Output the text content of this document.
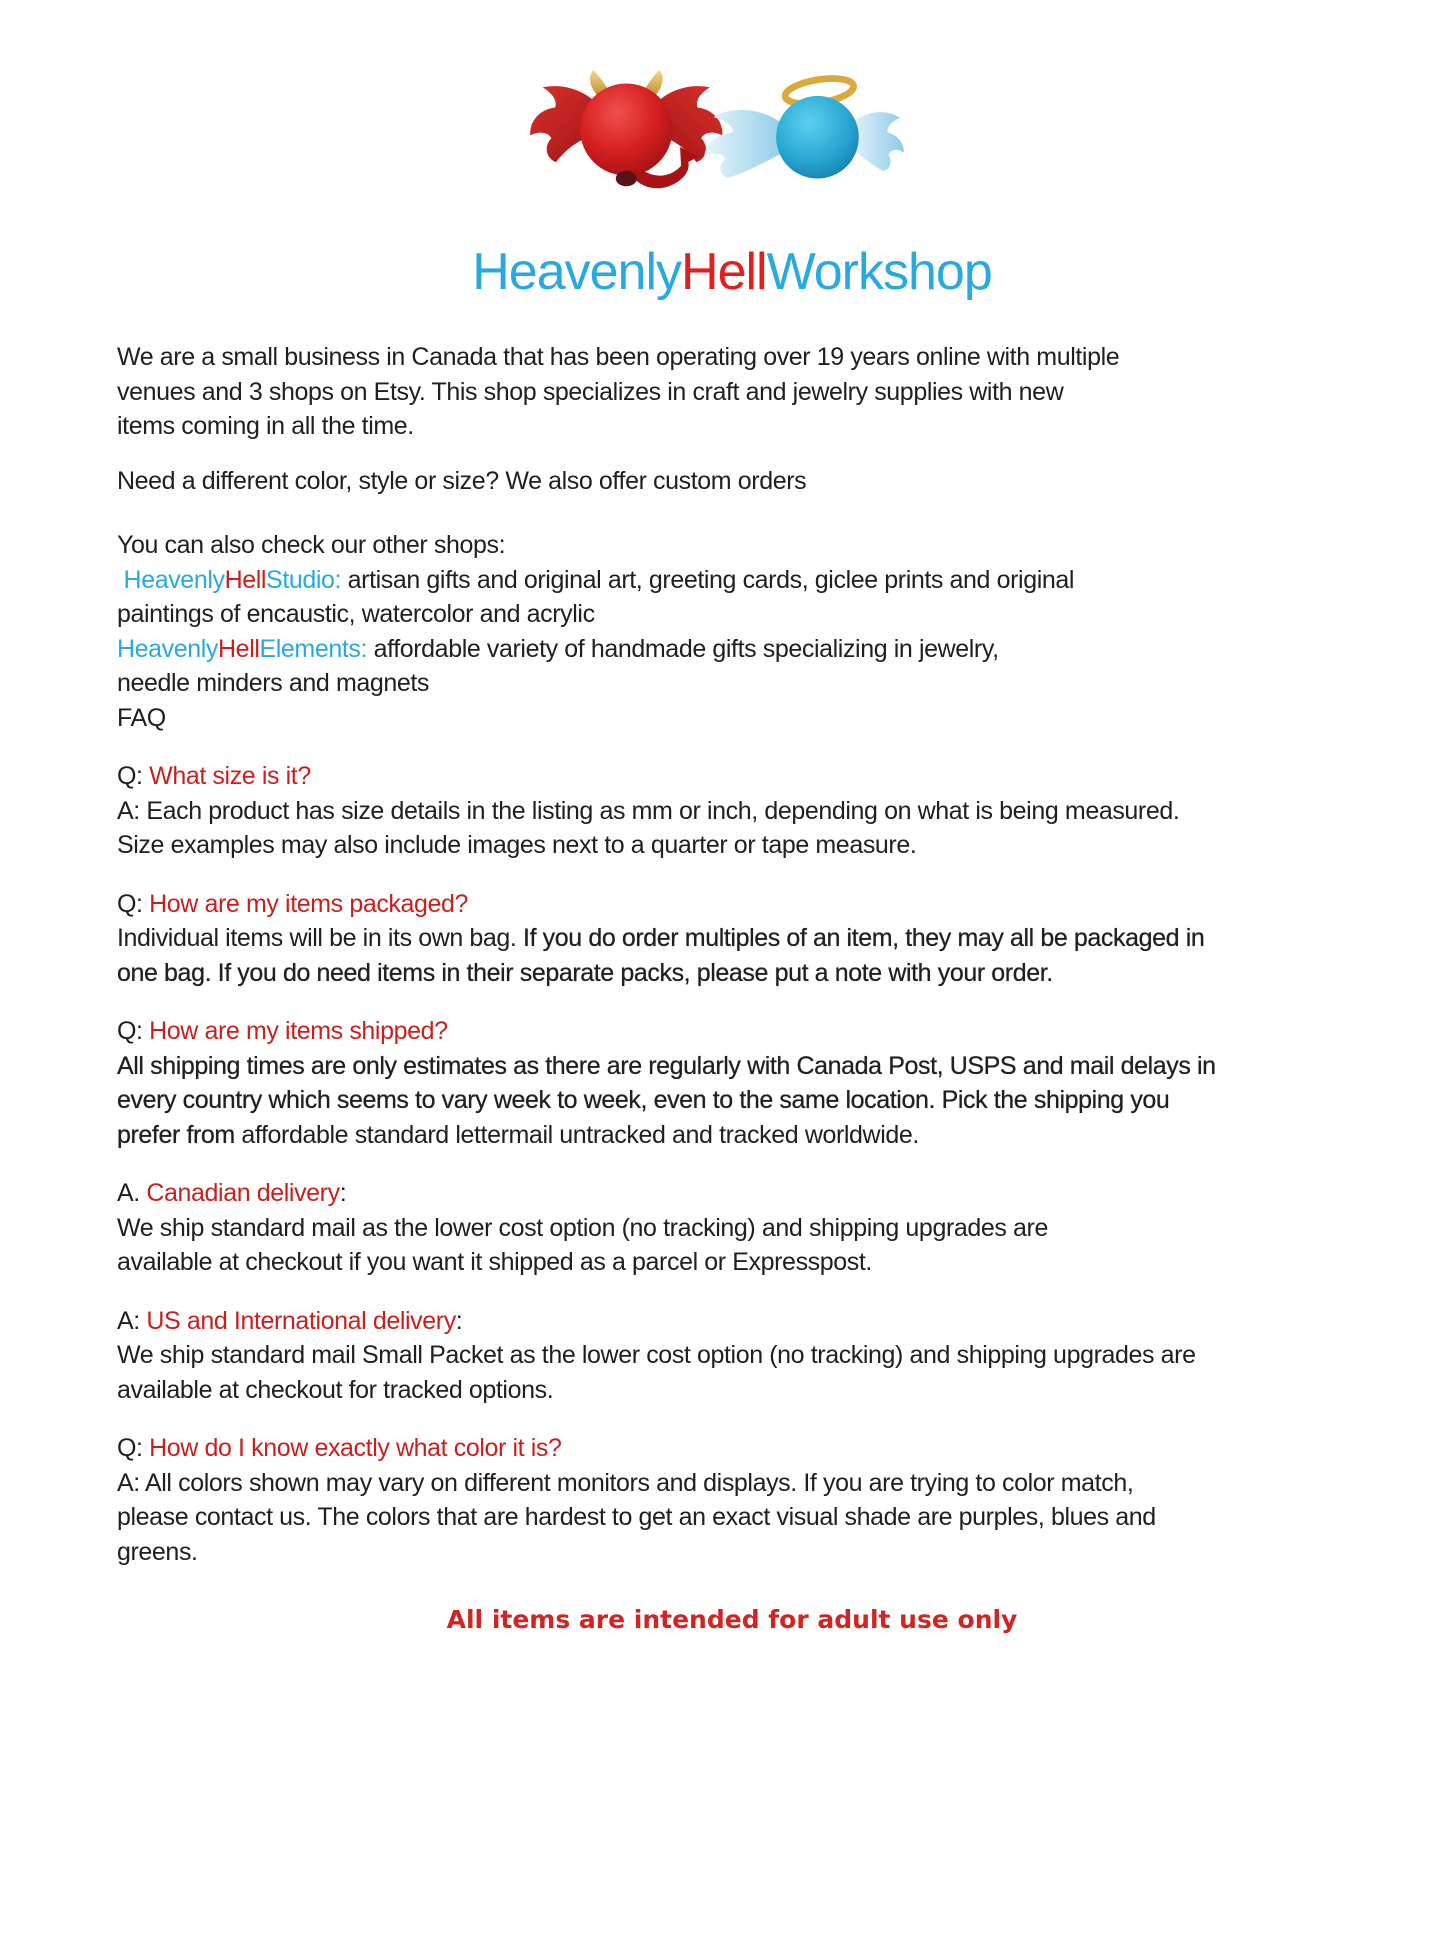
HeavenlyHellWorkshop

We are a small business in Canada that has been operating over 19 years online with multiple
venues and 3 shops on Etsy. This shop specializes in craft and jewelry supplies with new
items coming in all the time.

Need a different color, style or size? We also offer custom orders

You can also check our other shops:
HeavenlyHellStudio: artisan gifts and original art, greeting cards, giclee prints and original
paintings of encaustic, watercolor and acrylic
HeavenlyHellElements: affordable variety of handmade gifts specializing in jewelry,
needle minders and magnets
FAQ

Q: What size is it?
A: Each product has size details in the listing as mm or inch, depending on what is being measured.
Size examples may also include images next to a quarter or tape measure.

Q: How are my items packaged?
Individual items will be in its own bag. If you do order multiples of an item, they may all be packaged in
one bag. If you do need items in their separate packs, please put a note with your order.

Q: How are my items shipped?
All shipping times are only estimates as there are regularly with Canada Post, USPS and mail delays in
every country which seems to vary week to week, even to the same location. Pick the shipping you
prefer from affordable standard lettermail untracked and tracked worldwide.

A. Canadian delivery:
We ship standard mail as the lower cost option (no tracking) and shipping upgrades are
available at checkout if you want it shipped as a parcel or Expresspost.

A: US and International delivery:
We ship standard mail Small Packet as the lower cost option (no tracking) and shipping upgrades are
available at checkout for tracked options.

Q: How do I know exactly what color it is?
A: All colors shown may vary on different monitors and displays. If you are trying to color match,
please contact us. The colors that are hardest to get an exact visual shade are purples, blues and
greens.

All items are intended for adult use only
